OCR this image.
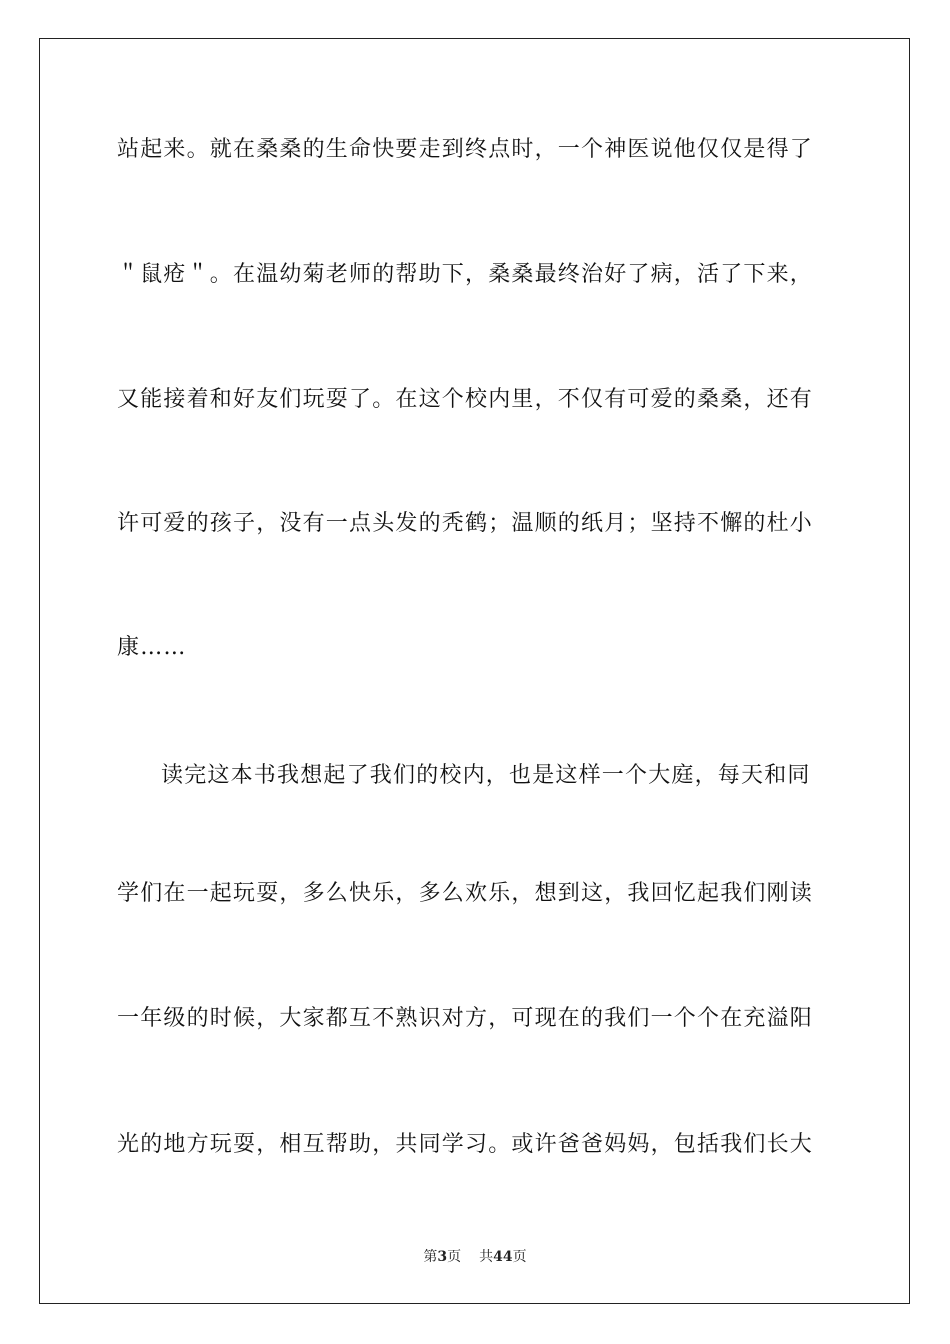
站起来。就在桑桑的生命快要走到终点时，一个神医说他仅仅是得了
＂鼠疮＂。在温幼菊老师的帮助下，桑桑最终治好了病，活了下来，
又能接着和好友们玩耍了。在这个校内里，不仅有可爱的桑桑，还有
许可爱的孩子，没有一点头发的秃鹤；温顺的纸月；坚持不懈的杜小
康……
读完这本书我想起了我们的校内，也是这样一个大庭，每天和同
学们在一起玩耍，多么快乐，多么欢乐，想到这，我回忆起我们刚读
一年级的时候，大家都互不熟识对方，可现在的我们一个个在充溢阳
光的地方玩耍，相互帮助，共同学习。或许爸爸妈妈，包括我们长大
第3页 共44页
